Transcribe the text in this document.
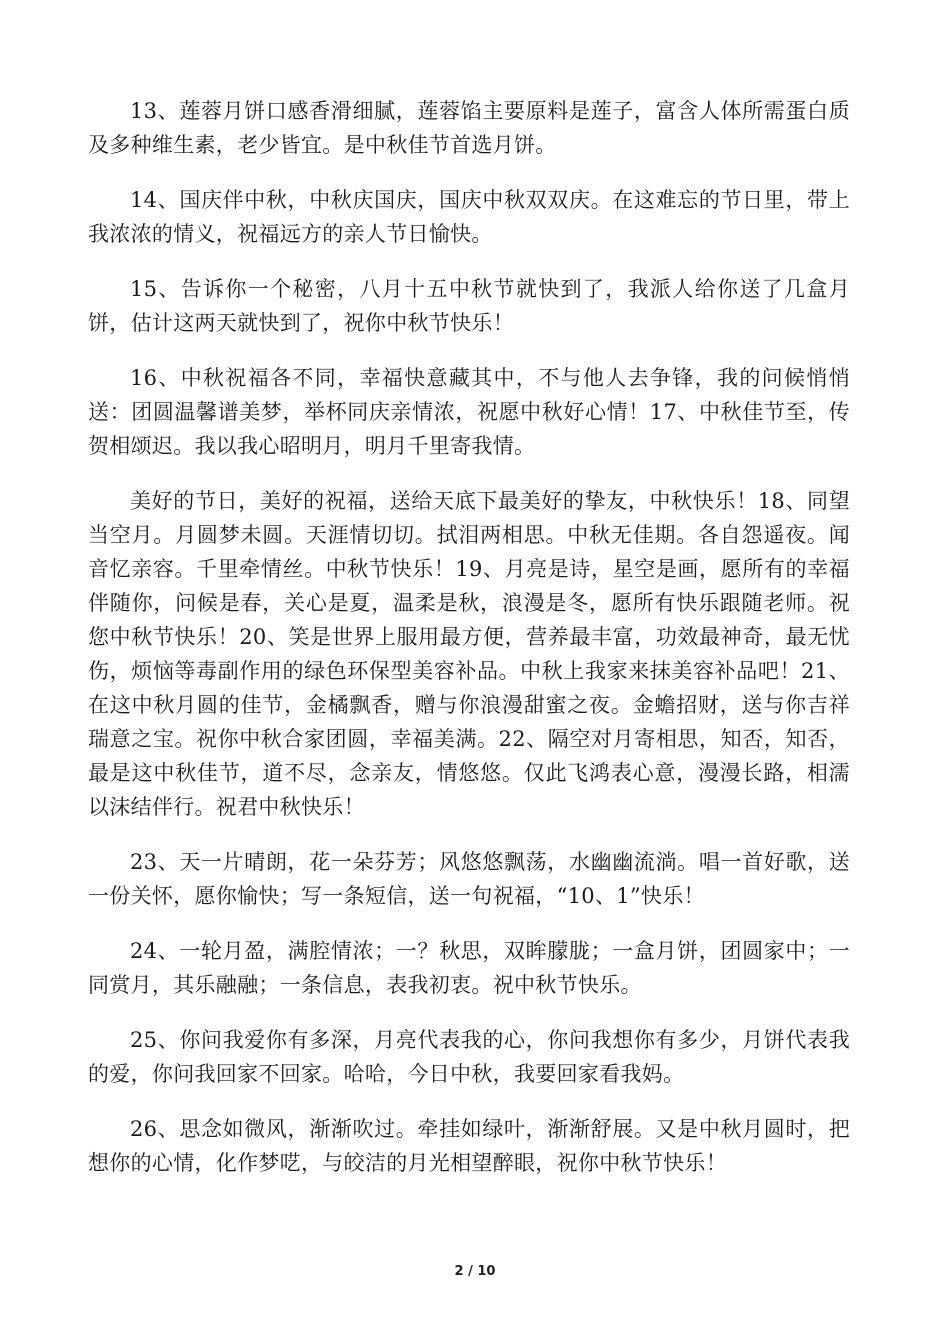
13、莲蓉月饼口感香滑细腻，莲蓉馅主要原料是莲子，富含人体所需蛋白质及多种维生素，老少皆宜。是中秋佳节首选月饼。

14、国庆伴中秋，中秋庆国庆，国庆中秋双双庆。在这难忘的节日里，带上我浓浓的情义，祝福远方的亲人节日愉快。

15、告诉你一个秘密，八月十五中秋节就快到了，我派人给你送了几盒月饼，估计这两天就快到了，祝你中秋节快乐！

16、中秋祝福各不同，幸福快意藏其中，不与他人去争锋，我的问候悄悄送：团圆温馨谱美梦，举杯同庆亲情浓，祝愿中秋好心情！17、中秋佳节至，传贺相颂迟。我以我心昭明月，明月千里寄我情。

美好的节日，美好的祝福，送给天底下最美好的挚友，中秋快乐！18、同望当空月。月圆梦未圆。天涯情切切。拭泪两相思。中秋无佳期。各自怨遥夜。闻音忆亲容。千里牵情丝。中秋节快乐！19、月亮是诗，星空是画，愿所有的幸福伴随你，问候是春，关心是夏，温柔是秋，浪漫是冬，愿所有快乐跟随老师。祝您中秋节快乐！20、笑是世界上服用最方便，营养最丰富，功效最神奇，最无忧伤，烦恼等毒副作用的绿色环保型美容补品。中秋上我家来抹美容补品吧！21、在这中秋月圆的佳节，金橘飘香，赠与你浪漫甜蜜之夜。金蟾招财，送与你吉祥瑞意之宝。祝你中秋合家团圆，幸福美满。22、隔空对月寄相思，知否，知否，最是这中秋佳节，道不尽，念亲友，情悠悠。仅此飞鸿表心意，漫漫长路，相濡以沫结伴行。祝君中秋快乐！

23、天一片晴朗，花一朵芬芳；风悠悠飘荡，水幽幽流淌。唱一首好歌，送一份关怀，愿你愉快；写一条短信，送一句祝福，“10、1”快乐！

24、一轮月盈，满腔情浓；一？秋思，双眸朦胧；一盒月饼，团圆家中；一同赏月，其乐融融；一条信息，表我初衷。祝中秋节快乐。

25、你问我爱你有多深，月亮代表我的心，你问我想你有多少，月饼代表我的爱，你问我回家不回家。哈哈，今日中秋，我要回家看我妈。

26、思念如微风，渐渐吹过。牵挂如绿叶，渐渐舒展。又是中秋月圆时，把想你的心情，化作梦呓，与皎洁的月光相望醉眼，祝你中秋节快乐！

2 / 10
